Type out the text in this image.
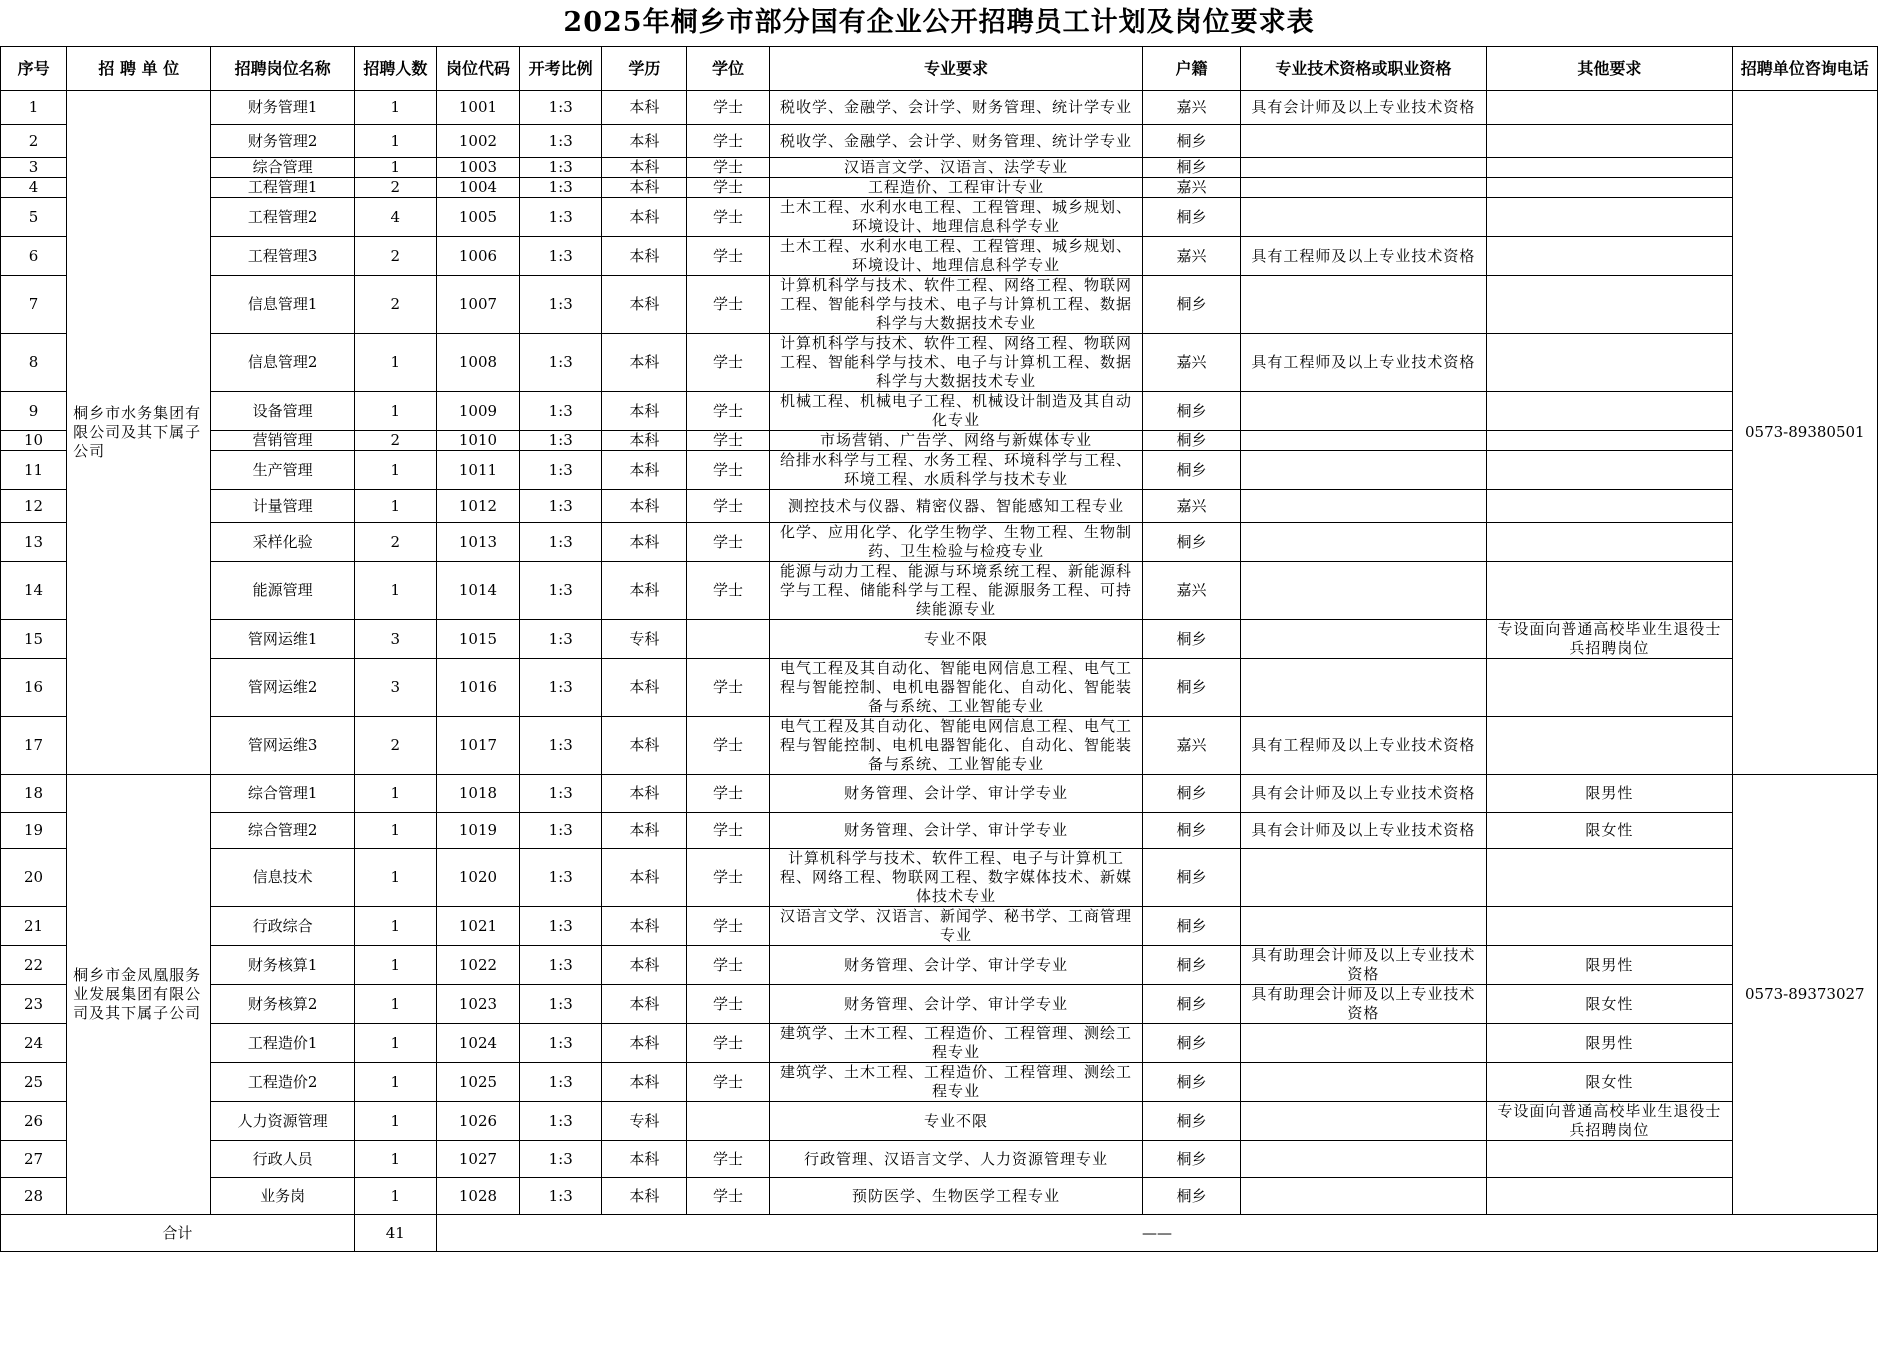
2025年桐乡市部分国有企业公开招聘员工计划及岗位要求表
序号	招 聘 单 位	招聘岗位名称	招聘人数	岗位代码	开考比例	学历	学位	专业要求	户籍	专业技术资格或职业资格	其他要求	招聘单位咨询电话
1	桐乡市水务集团有限公司及其下属子公司	财务管理1	1	1001	1:3	本科	学士	税收学、金融学、会计学、财务管理、统计学专业	嘉兴	具有会计师及以上专业技术资格		0573-89380501
2		财务管理2	1	1002	1:3	本科	学士	税收学、金融学、会计学、财务管理、统计学专业	桐乡			
3		综合管理	1	1003	1:3	本科	学士	汉语言文学、汉语言、法学专业	桐乡			
4		工程管理1	2	1004	1:3	本科	学士	工程造价、工程审计专业	嘉兴			
5		工程管理2	4	1005	1:3	本科	学士	土木工程、水利水电工程、工程管理、城乡规划、环境设计、地理信息科学专业	桐乡			
6		工程管理3	2	1006	1:3	本科	学士	土木工程、水利水电工程、工程管理、城乡规划、环境设计、地理信息科学专业	嘉兴	具有工程师及以上专业技术资格		
7		信息管理1	2	1007	1:3	本科	学士	计算机科学与技术、软件工程、网络工程、物联网工程、智能科学与技术、电子与计算机工程、数据科学与大数据技术专业	桐乡			
8		信息管理2	1	1008	1:3	本科	学士	计算机科学与技术、软件工程、网络工程、物联网工程、智能科学与技术、电子与计算机工程、数据科学与大数据技术专业	嘉兴	具有工程师及以上专业技术资格		
9		设备管理	1	1009	1:3	本科	学士	机械工程、机械电子工程、机械设计制造及其自动化专业	桐乡			
10		营销管理	2	1010	1:3	本科	学士	市场营销、广告学、网络与新媒体专业	桐乡			
11		生产管理	1	1011	1:3	本科	学士	给排水科学与工程、水务工程、环境科学与工程、环境工程、水质科学与技术专业	桐乡			
12		计量管理	1	1012	1:3	本科	学士	测控技术与仪器、精密仪器、智能感知工程专业	嘉兴			
13		采样化验	2	1013	1:3	本科	学士	化学、应用化学、化学生物学、生物工程、生物制药、卫生检验与检疫专业	桐乡			
14		能源管理	1	1014	1:3	本科	学士	能源与动力工程、能源与环境系统工程、新能源科学与工程、储能科学与工程、能源服务工程、可持续能源专业	嘉兴			
15		管网运维1	3	1015	1:3	专科		专业不限	桐乡		专设面向普通高校毕业生退役士兵招聘岗位	
16		管网运维2	3	1016	1:3	本科	学士	电气工程及其自动化、智能电网信息工程、电气工程与智能控制、电机电器智能化、自动化、智能装备与系统、工业智能专业	桐乡			
17		管网运维3	2	1017	1:3	本科	学士	电气工程及其自动化、智能电网信息工程、电气工程与智能控制、电机电器智能化、自动化、智能装备与系统、工业智能专业	嘉兴	具有工程师及以上专业技术资格		
18	桐乡市金凤凰服务业发展集团有限公司及其下属子公司	综合管理1	1	1018	1:3	本科	学士	财务管理、会计学、审计学专业	桐乡	具有会计师及以上专业技术资格	限男性	0573-89373027
19		综合管理2	1	1019	1:3	本科	学士	财务管理、会计学、审计学专业	桐乡	具有会计师及以上专业技术资格	限女性	
20		信息技术	1	1020	1:3	本科	学士	计算机科学与技术、软件工程、电子与计算机工程、网络工程、物联网工程、数字媒体技术、新媒体技术专业	桐乡			
21		行政综合	1	1021	1:3	本科	学士	汉语言文学、汉语言、新闻学、秘书学、工商管理专业	桐乡			
22		财务核算1	1	1022	1:3	本科	学士	财务管理、会计学、审计学专业	桐乡	具有助理会计师及以上专业技术资格	限男性	
23		财务核算2	1	1023	1:3	本科	学士	财务管理、会计学、审计学专业	桐乡	具有助理会计师及以上专业技术资格	限女性	
24		工程造价1	1	1024	1:3	本科	学士	建筑学、土木工程、工程造价、工程管理、测绘工程专业	桐乡		限男性	
25		工程造价2	1	1025	1:3	本科	学士	建筑学、土木工程、工程造价、工程管理、测绘工程专业	桐乡		限女性	
26		人力资源管理	1	1026	1:3	专科		专业不限	桐乡		专设面向普通高校毕业生退役士兵招聘岗位	
27		行政人员	1	1027	1:3	本科	学士	行政管理、汉语言文学、人力资源管理专业	桐乡			
28		业务岗	1	1028	1:3	本科	学士	预防医学、生物医学工程专业	桐乡			
合计			41	——								
